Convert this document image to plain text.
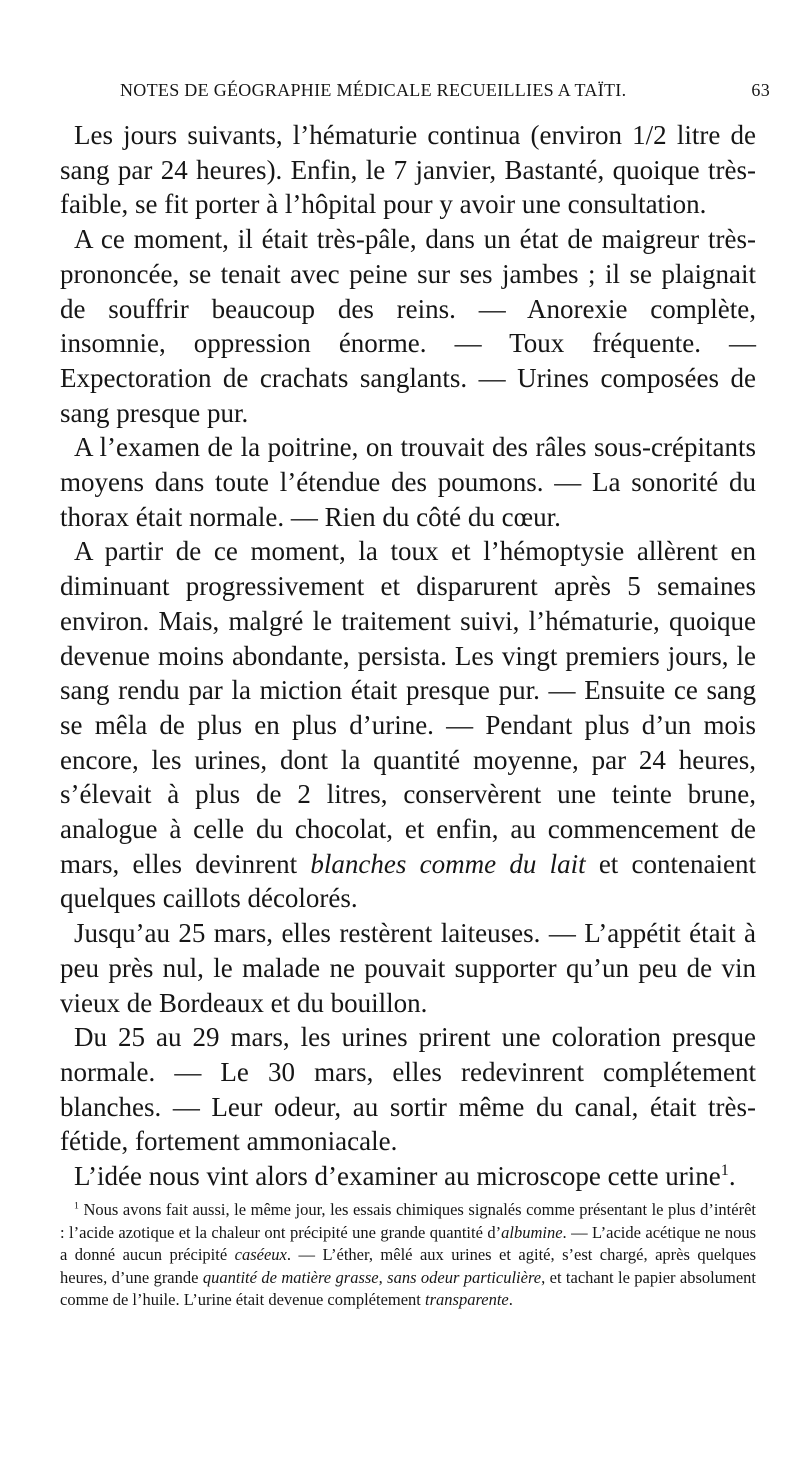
NOTES DE GÉOGRAPHIE MÉDICALE RECUEILLIES A TAÏTI.	63

Les jours suivants, l’hématurie continua (environ 1/2 litre de sang par 24 heures). Enfin, le 7 janvier, Bastanté, quoique très-faible, se fit porter à l’hôpital pour y avoir une consultation.

A ce moment, il était très-pâle, dans un état de maigreur très-prononcée, se tenait avec peine sur ses jambes ; il se plaignait de souffrir beaucoup des reins. — Anorexie complète, insomnie, oppression énorme. — Toux fréquente. — Expectoration de crachats sanglants. — Urines composées de sang presque pur.

A l’examen de la poitrine, on trouvait des râles sous-crépitants moyens dans toute l’étendue des poumons. — La sonorité du thorax était normale. — Rien du côté du cœur.

A partir de ce moment, la toux et l’hémoptysie allèrent en diminuant progressivement et disparurent après 5 semaines environ. Mais, malgré le traitement suivi, l’hématurie, quoique devenue moins abondante, persista. Les vingt premiers jours, le sang rendu par la miction était presque pur. — Ensuite ce sang se mêla de plus en plus d’urine. — Pendant plus d’un mois encore, les urines, dont la quantité moyenne, par 24 heures, s’élevait à plus de 2 litres, conservèrent une teinte brune, analogue à celle du chocolat, et enfin, au commencement de mars, elles devinrent blanches comme du lait et contenaient quelques caillots décolorés.

Jusqu’au 25 mars, elles restèrent laiteuses. — L’appétit était à peu près nul, le malade ne pouvait supporter qu’un peu de vin vieux de Bordeaux et du bouillon.

Du 25 au 29 mars, les urines prirent une coloration presque normale. — Le 30 mars, elles redevinrent complétement blanches. — Leur odeur, au sortir même du canal, était très-fétide, fortement ammoniacale.

L’idée nous vint alors d’examiner au microscope cette urine$^1$.

$^1$ Nous avons fait aussi, le même jour, les essais chimiques signalés comme présentant le plus d’intérêt : l’acide azotique et la chaleur ont précipité une grande quantité d’albumine. — L’acide acétique ne nous a donné aucun précipité caséeux. — L’éther, mêlé aux urines et agité, s’est chargé, après quelques heures, d’une grande quantité de matière grasse, sans odeur particulière, et tachant le papier absolument comme de l’huile. L’urine était devenue complétement transparente.
